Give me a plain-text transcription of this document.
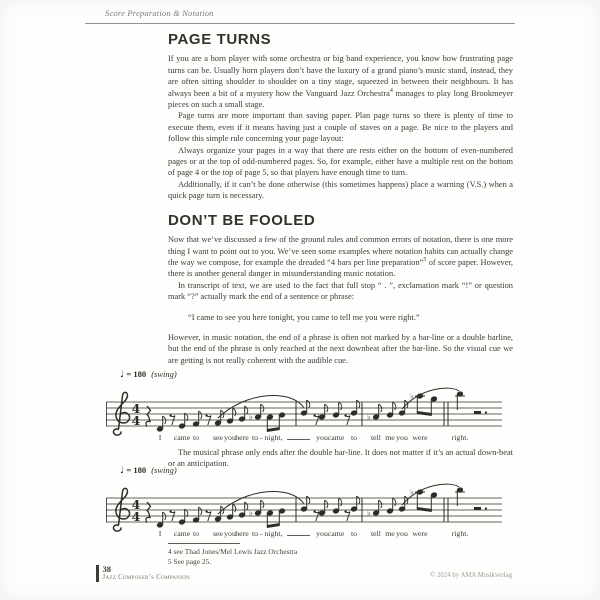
Score Preparation & Notation
PAGE TURNS

If you are a horn player with some orchestra or big band experience, you know how frustrating page turns can be. Usually horn players don’t have the luxury of a grand piano’s music stand, instead, they are often sitting shoulder to shoulder on a tiny stage, squeezed in between their neighbours. It has always been a bit of a mystery how the Vanguard Jazz Orchestra$^4$ manages to play long Brookmeyer pieces on such a small stage.

Page turns are more important than saving paper. Plan page turns so there is plenty of time to execute them, even if it means having just a couple of staves on a page. Be nice to the players and follow this simple rule concerning your page layout:

Always organize your pages in a way that there are rests either on the bottom of even-numbered pages or at the top of odd-numbered pages. So, for example, either have a multiple rest on the bottom of page 4 or the top of page 5, so that players have enough time to turn.

Additionally, if it can’t be done otherwise (this sometimes happens) place a warning (V.S.) when a quick page turn is necessary.

DON’T BE FOOLED

Now that we’ve discussed a few of the ground rules and common errors of notation, there is one more thing I want to point out to you. We’ve seen some examples where notation habits can actually change the way we compose, for example the dreaded “4 bars per line preparation”$^5$ of score paper. However, there is another general danger in misunderstanding music notation.

In transcript of text, we are used to the fact that full stop “ . ”, exclamation mark “!” or question mark “?” actually mark the end of a sentence or phrase:

“I came to see you here tonight, you came to tell me you were right.”

However, in music notation, the end of a phrase is often not marked by a bar-line or a double barline, but the end of the phrase is only reached at the next downbeat after the bar-line. So the visual cue we are getting is not really coherent with the audible cue.

♩ = 180 (swing)
4
4	♭	♭
♭
I came to see you here to - night,	you came to tell me you were	right.

The musical phrase only ends after the double bar-line. It does not matter if it’s an actual down-beat or an anticipation.

♩ = 180 (swing)
4
4	♭	♭
♭
I came to see you here to - night,	you came to tell me you were	right.
4 see Thad Jones/Mel Lewis Jazz Orchestra
5 See page 25.
38
Jazz Composer’s Companion	© 2024 by AMA Musikverlag
